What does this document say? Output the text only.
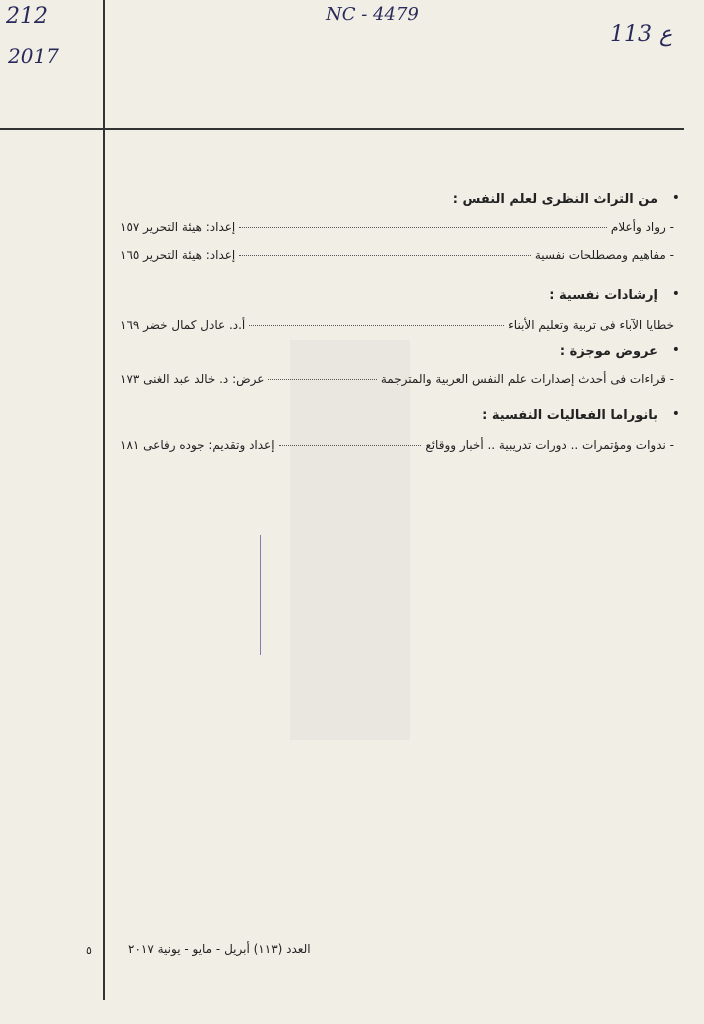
212
2017
NC - 4479
113 ع
•
من التراث النظرى لعلم النفس :
- رواد وأعلام
إعداد: هيئة التحرير ١٥٧
- مفاهيم ومصطلحات نفسية
إعداد: هيئة التحرير ١٦٥
•
إرشادات نفسية :
خطايا الآباء فى تربية وتعليم الأبناء
أ.د. عادل كمال خضر ١٦٩
•
عروض موجزة :
- قراءات فى أحدث إصدارات علم النفس العربية والمترجمة
عرض: د. خالد عبد الغنى ١٧٣
•
بانوراما الفعاليات النفسية :
- ندوات ومؤتمرات .. دورات تدريبية .. أخبار ووقائع
إعداد وتقديم: جوده رفاعى ١٨١
العدد (١١٣) أبريل - مايو - يونية ٢٠١٧
٥
